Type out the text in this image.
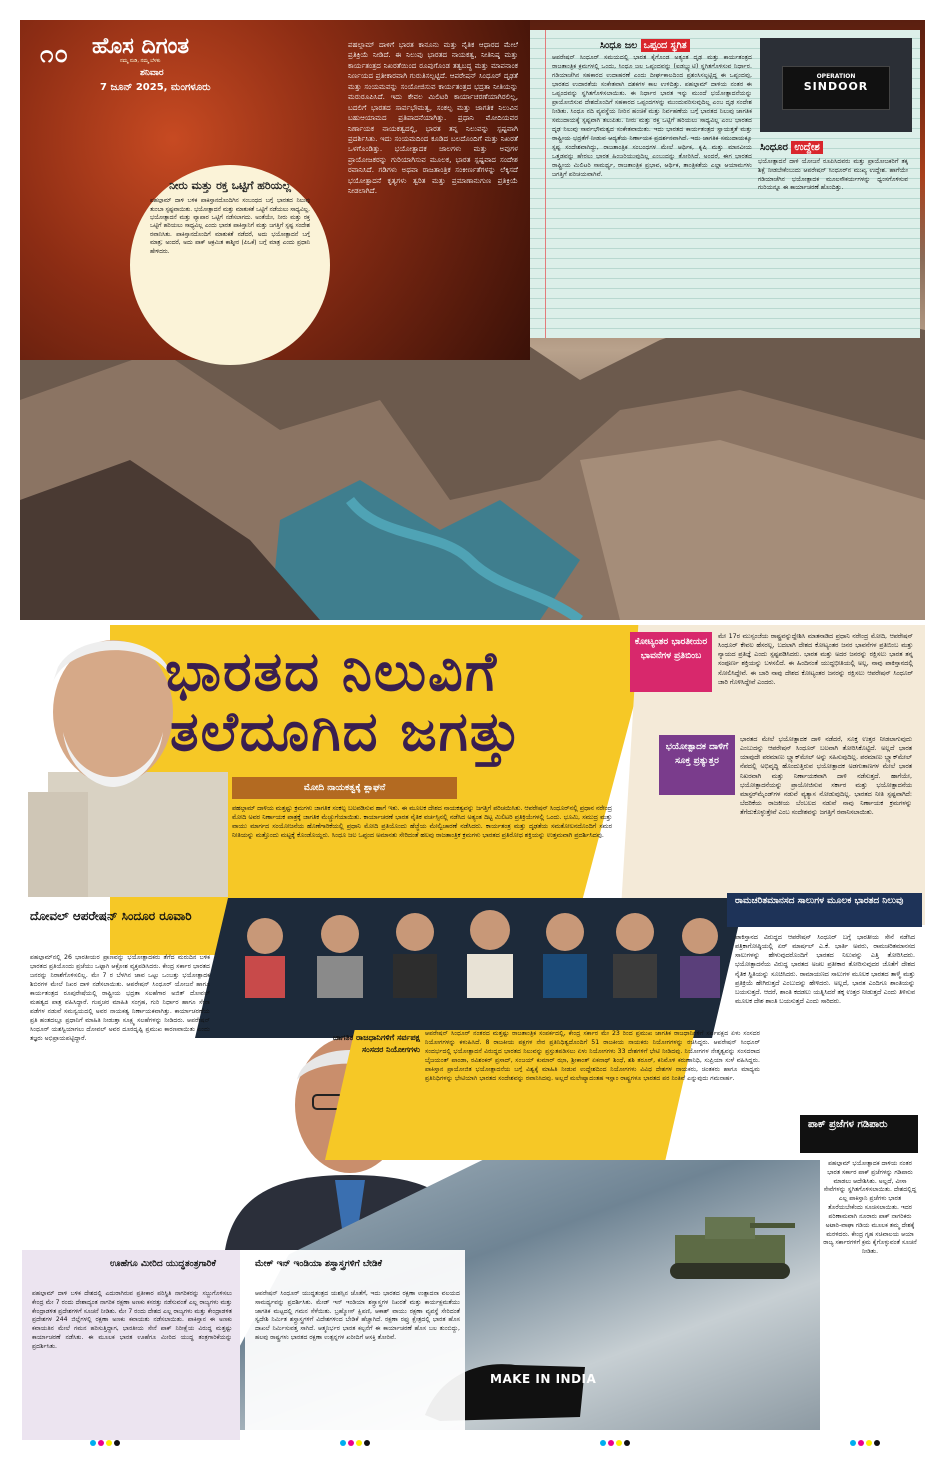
೧೦ ಹೊಸ ದಿಗಂತ
ನಮ್ಮ ನುಡಿ, ನಮ್ಮ ಬೆಳಕು
ಶನಿವಾರ
7 ಜೂನ್ 2025, ಮಂಗಳೂರು
ಪಹಲ್ಗಾಮ್ ದಾಳಿಗೆ ಭಾರತ ಕಾನೂನು ಮತ್ತು ನೈತಿಕ ಆಧಾರದ ಮೇಲೆ ಪ್ರತಿಕ್ರಿಯೆ ನೀಡಿದೆ. ಈ ನಿಲುವು ಭಾರತದ ನಾಯಕತ್ವ, ನೀತಿನಿಷ್ಠ ಮತ್ತು ಕಾರ್ಯತಂತ್ರದ ನಿಖರತೆಯಿಂದ ರೂಪುಗೊಂಡ ತತ್ವಬದ್ಧ ಮತ್ತು ಮಾಪನಾಂಕ ನಿರ್ಣಯದ ಪ್ರತೀಕಾರವಾಗಿ ಗುರುತಿಸಲ್ಪಟ್ಟಿದೆ. ಆಪರೇಷನ್ ಸಿಂಧೂರ್ ದೃಢತೆ ಮತ್ತು ಸಂಯಮವನ್ನು ಸಂಯೋಜಿಸುವ ಕಾರ್ಯತಂತ್ರದ ಭದ್ರತಾ ನೀತಿಯನ್ನು ಮರುರೂಪಿಸಿದೆ. ಇದು ಕೇವಲ ಮಿಲಿಟರಿ ಕಾರ್ಯಾಚರಣೆಯಾಗಿರಲಿಲ್ಲ, ಬದಲಿಗೆ ಭಾರತದ ಸಾರ್ವಭೌಮತ್ವ, ಸಂಕಲ್ಪ ಮತ್ತು ಜಾಗತಿಕ ನಿಲುವಿನ ಬಹುಆಯಾಮದ ಪ್ರತಿಪಾದನೆಯಾಗಿತ್ತು. ಪ್ರಧಾನಿ ಮೋದಿಯವರ ನಿರ್ಣಾಯಕ ನಾಯಕತ್ವದಲ್ಲಿ, ಭಾರತ ತನ್ನ ನಿಲುವನ್ನು ಸ್ಪಷ್ಟವಾಗಿ ಪ್ರದರ್ಶಿಸಿತು. ಇದು ಸಂಯಮದಿಂದ ಕೂಡಿದ ಬಲದೊಂದಿಗೆ ಮತ್ತು ನಿಖರತೆ ಒಳಗೊಂಡಿತ್ತು. ಭಯೋತ್ಪಾದಕ ಜಾಲಗಳು ಮತ್ತು ಅವುಗಳ ಪ್ರಾಯೋಜಕರನ್ನು ಗುರಿಯಾಗಿಸುವ ಮೂಲಕ, ಭಾರತ ಸ್ಪಷ್ಟವಾದ ಸಂದೇಶ ರವಾನಿಸಿದೆ. ಗಡಿಗಳು ಅಥವಾ ರಾಜತಾಂತ್ರಿಕ ಸಂಕೀರ್ಣತೆಗಳನ್ನು ಲೆಕ್ಕಿಸದೆ ಭಯೋತ್ಪಾದನೆ ಕೃತ್ಯಗಳು ತ್ವರಿತ ಮತ್ತು ಪ್ರಮಾಣಾನುಗುಣ ಪ್ರತಿಕ್ರಿಯೆ ನೀಡಲಾಗಿದೆ.
ನೀರು ಮತ್ತು ರಕ್ತ ಒಟ್ಟಿಗೆ ಹರಿಯಲ್ಲ
ಪಹಲ್ಗಾಮ್ ದಾಳಿ ಬಳಿಕ ಪಾಕಿಸ್ತಾನದೊಂದಿಗಿನ ಸಂಬಂಧದ ಬಗ್ಗೆ ಭಾರತದ ನಿಲುವು ತುಂಬಾ ಸ್ಪಷ್ಟವಾಯಿತು. ಭಯೋತ್ಪಾದನೆ ಮತ್ತು ಮಾತುಕತೆ ಒಟ್ಟಿಗೆ ನಡೆಯಲು ಸಾಧ್ಯವಿಲ್ಲ. ಭಯೋತ್ಪಾದನೆ ಮತ್ತು ವ್ಯಾಪಾರ ಒಟ್ಟಿಗೆ ನಡೆಸಲಾಗದು. ಅಂತೆಯೇ, ನೀರು ಮತ್ತು ರಕ್ತ ಒಟ್ಟಿಗೆ ಹರಿಯಲು ಸಾಧ್ಯವಿಲ್ಲ ಎಂದು ಭಾರತ ಪಾಕಿಸ್ತಾನಿಗೆ ಮತ್ತು ಜಗತ್ತಿಗೆ ಸ್ಪಷ್ಟ ಸಂದೇಶ ರವಾನಿಸಿತು. ಪಾಕಿಸ್ತಾನದೊಂದಿಗೆ ಮಾತುಕತೆ ನಡೆದರೆ, ಅದು ಭಯೋತ್ಪಾದನೆ ಬಗ್ಗೆ ಮಾತ್ರ; ಅಂದರೆ, ಅದು ಪಾಕ್ ಆಕ್ರಮಿತ ಕಾಶ್ಮೀರ (ಪಿಒಕೆ) ಬಗ್ಗೆ ಮಾತ್ರ ಎಂದು ಪ್ರಧಾನಿ ಹೇಳಿದರು.
ಸಿಂಧೂ ಜಲ ಒಪ್ಪಂದ ಸ್ಥಗಿತ
ಆಪರೇಷನ್ ಸಿಂಧೂರ್ ಸಮಯದಲ್ಲಿ ಭಾರತ ಕೈಗೊಂಡ ಅತ್ಯಂತ ದೃಢ ಮತ್ತು ಕಾರ್ಯತಂತ್ರದ ರಾಜತಾಂತ್ರಿಕ ಕ್ರಮಗಳಲ್ಲಿ ಒಂದು, ಸಿಂಧೂ ಜಲ ಒಪ್ಪಂದವನ್ನು (ಐಡಬ್ಲ್ಯುಟಿ) ಸ್ಥಗಿತಗೊಳಿಸುವ ನಿರ್ಧಾರ. ಗಡಿಯಾಚೆಗಿನ ಸಹಕಾರದ ಉದಾಹರಣೆ ಎಂದು ದೀರ್ಘಕಾಲದಿಂದ ಪ್ರಶಂಸಿಸಲ್ಪಟ್ಟಿದ್ದ ಈ ಒಪ್ಪಂದವು, ಭಾರತದ ಉದಾರತೆಯ ಸಂಕೇತವಾಗಿ ದಶಕಗಳ ಕಾಲ ಉಳಿದಿತ್ತು. ಪಹಲ್ಗಾಮ್ ದಾಳಿಯ ನಂತರ ಈ ಒಪ್ಪಂದವನ್ನು ಸ್ಥಗಿತಗೊಳಿಸಲಾಯಿತು. ಈ ನಿರ್ಧಾರ ಭಾರತ ಇನ್ನು ಮುಂದೆ ಭಯೋತ್ಪಾದನೆಯನ್ನು ಪ್ರಾಯೋಜಿಸುವ ದೇಶದೊಂದಿಗೆ ಸಹಕಾರದ ಒಪ್ಪಂದಗಳನ್ನು ಮುಂದುವರಿಸುವುದಿಲ್ಲ ಎಂಬ ದೃಢ ಸಂದೇಶ ನೀಡಿತು. ಸಿಂಧೂ ನದಿ ವ್ಯವಸ್ಥೆಯ ನೀರಿನ ಹಂಚಿಕೆ ಮತ್ತು ನಿರ್ವಹಣೆಯ ಬಗ್ಗೆ ಭಾರತದ ನಿಲುವು ಜಾಗತಿಕ ಸಮುದಾಯಕ್ಕೆ ಸ್ಪಷ್ಟವಾಗಿ ತಲುಪಿತು. ನೀರು ಮತ್ತು ರಕ್ತ ಒಟ್ಟಿಗೆ ಹರಿಯಲು ಸಾಧ್ಯವಿಲ್ಲ ಎಂಬ ಭಾರತದ ದೃಢ ನಿಲುವು ಸಾರ್ವಭೌಮತ್ವದ ಸಂಕೇತವಾಯಿತು. ಇದು ಭಾರತದ ಕಾರ್ಯತಂತ್ರದ ಸ್ವಾಯತ್ತತೆ ಮತ್ತು ರಾಷ್ಟ್ರೀಯ ಭದ್ರತೆಗೆ ನೀಡುವ ಆದ್ಯತೆಯ ನಿರ್ಣಾಯಕ ಪ್ರದರ್ಶನವಾಗಿದೆ. ಇದು ಜಾಗತಿಕ ಸಮುದಾಯಕ್ಕೂ ಸ್ಪಷ್ಟ ಸಂದೇಶವಾಗಿದ್ದು, ರಾಜತಾಂತ್ರಿಕ ಸಂಬಂಧಗಳ ಮೇಲೆ ಆರ್ಥಿಕ, ಕೃಷಿ ಮತ್ತು ಮಾನವೀಯ ಒತ್ತಡವನ್ನು ಹೇರಲು ಭಾರತ ಹಿಂಜರಿಯುವುದಿಲ್ಲ ಎಂಬುದನ್ನು ತೋರಿಸಿದೆ. ಅಂದರೆ, ಈಗ ಭಾರತದ ರಾಷ್ಟ್ರೀಯ ಮಿಲಿಟರಿ ಸಾಮರ್ಥ್ಯ, ರಾಜತಾಂತ್ರಿಕ ಪ್ರಭಾವ, ಆರ್ಥಿಕ, ತಾಂತ್ರಿಕತೆಯ ಎಲ್ಲಾ ಆಯಾಮಗಳು ಜಗತ್ತಿಗೆ ಪರಿಚಯವಾಗಿವೆ.
OPERATION
SINDOOR
ಸಿಂಧೂರ ಉದ್ದೇಶ
ಭಯೋತ್ಪಾದನೆ ದಾಳಿ ಯೋಜನೆ ರೂಪಿಸಿದವರು ಮತ್ತು ಪ್ರಾಯೋಜಕರಿಗೆ ತಕ್ಕ ಶಿಕ್ಷೆ ನೀಡಬೇಕೆಂಬುದು ಆಪರೇಷನ್ ಸಿಂಧೂರ್‌ನ ಮುಖ್ಯ ಉದ್ದೇಶ. ಹಾಗೆಯೇ ಗಡಿಯಾಚೆಗಿನ ಭಯೋತ್ಪಾದಕ ಮೂಲಸೌಕರ್ಯಗಳನ್ನು ಧ್ವಂಸಗೊಳಿಸುವ ಗುರಿಯನ್ನೂ ಈ ಕಾರ್ಯಾಚರಣೆ ಹೊಂದಿತ್ತು.
ಭಾರತದ ನಿಲುವಿಗೆ
ತಲೆದೂಗಿದ ಜಗತ್ತು
ಮೋದಿ ನಾಯಕತ್ವಕ್ಕೆ ಶ್ಲಾಘನೆ
ಪಹಲ್ಗಾಮ್ ದಾಳಿಯ ಮತ್ತಷ್ಟು ಕ್ರಮಗಳು ಜಾಗತಿಕ ಸಂಕಲ್ಪ ಬಲಪಡಿಸುವ ಹಾಗೆ ಇತು. ಈ ಮೂಲಕ ದೇಶದ ನಾಯಕತ್ವವನ್ನು ಜಗತ್ತಿಗೆ ಪರಿಚಯಿಸಿತು. ಆಪರೇಷನ್ ಸಿಂಧೂರ್‌ನಲ್ಲಿ ಪ್ರಧಾನ ನರೇಂದ್ರ ಮೋದಿ ಅವರ ನಿರ್ಣಾಯಕ ಪಾತ್ರಕ್ಕೆ ಜಾಗತಿಕ ಮೆಚ್ಚುಗೆಯಾಯಿತು. ಕಾರ್ಯಾಚರಣೆ ಭಾರತ ನೈತಿಕ ವರ್ಚಸ್ಸಿನಲ್ಲಿ ನಡೆಸಿದ ಅತ್ಯಂತ ದಿಟ್ಟ ಮಿಲಿಟರಿ ಪ್ರತಿಕ್ರಿಯೆಗಳಲ್ಲಿ ಒಂದು. ಭೂಮಿ, ಸಮುದ್ರ ಮತ್ತು ವಾಯು ಮಾರ್ಗದ ಸಂಯೋಜನೆಯ ಹೊಣೆಗಾರಿಕೆಯಲ್ಲಿ ಪ್ರಧಾನಿ ಮೋದಿ ಪ್ರತಿಯೊಂದು ಹೆಜ್ಜೆಯ ಮೇಲ್ವಿಚಾರಣೆ ನಡೆಸಿದರು. ಕಾರ್ಯತಂತ್ರ ಮತ್ತು ದೃಢತೆಯ ಸಮತೋಲನದೊಂದಿಗೆ ಸಮರ ನೀತಿಯನ್ನು ಮತ್ತೊಂದು ಮಟ್ಟಕ್ಕೆ ಕೊಂಡೊಯ್ದರು. ಸಿಂಧೂ ಜಲ ಒಪ್ಪಂದ ಅಮಾನತು ಸೇರಿದಂತೆ ಹಲವು ರಾಜತಾಂತ್ರಿಕ ಕ್ರಮಗಳು ಭಾರತದ ಪ್ರತಿರೋಧ ಶಕ್ತಿಯನ್ನು ಉತ್ತಮವಾಗಿ ಪ್ರದರ್ಶಿಸಿದವು.
ಕೋಟ್ಯಂತರ ಭಾರತೀಯರ ಭಾವನೆಗಳ ಪ್ರತಿಬಿಂಬ
ಮೇ 17ರ ಮುಸ್ಸಂಜೆಯ ರಾಷ್ಟ್ರವನ್ನುದ್ದೇಶಿಸಿ ಮಾತನಾಡಿದ ಪ್ರಧಾನಿ ನರೇಂದ್ರ ಮೋದಿ, ಆಪರೇಷನ್ ಸಿಂಧೂರ್ ಕೇವಲ ಹೆಸರಲ್ಲ, ಬದಲಾಗಿ ದೇಶದ ಕೋಟ್ಯಂತರ ಜನರ ಭಾವನೆಗಳ ಪ್ರತಿಬಿಂಬ ಮತ್ತು ನ್ಯಾಯದ ಪ್ರತಿಜ್ಞೆ ಎಂದು ಸ್ಪಷ್ಟಪಡಿಸಿದರು. ಭಾರತ ಮತ್ತು ಅದರ ಜನರನ್ನು ರಕ್ಷಿಸಲು ಭಾರತ ತನ್ನ ಸಂಪೂರ್ಣ ಶಕ್ತಿಯನ್ನು ಬಳಸಲಿದೆ. ಈ ಹಿಂದಿನಂತೆ ಯುದ್ಧಭೀತಿಯಲ್ಲಿ ಅಲ್ಲ, ನಾವು ಪಾಕಿಸ್ತಾನದಲ್ಲಿ ಸೋಲಿಸಿದ್ದೇವೆ. ಈ ಬಾರಿ ನಾವು ದೇಶದ ಕೋಟ್ಯಂತರ ಜನರನ್ನು ರಕ್ಷಿಸಲು ಆಪರೇಷನ್ ಸಿಂಧೂರ್ ಜಾರಿ ಗೊಳಿಸಿದ್ದೇವೆ ಎಂದರು.
ಭಯೋತ್ಪಾದಕ ದಾಳಿಗೆ ಸೂಕ್ತ ಪ್ರತ್ಯುತ್ತರ
ಭಾರತದ ಮೇಲೆ ಭಯೋತ್ಪಾದಕ ದಾಳಿ ನಡೆದರೆ, ಸೂಕ್ತ ಉತ್ತರ ನೀಡಲಾಗುವುದು ಎಂಬುದನ್ನು ಆಪರೇಷನ್ ಸಿಂಧೂರ್ ಬಲವಾಗಿ ತೋರಿಸಿಕೊಟ್ಟಿದೆ. ಅಲ್ಲದೆ ಭಾರತ ಯಾವುದೇ ಪರಮಾಣು ಬ್ಲ್ಯಾಕ್‌ಮೇಲ್ ಅನ್ನು ಸಹಿಸುವುದಿಲ್ಲ. ಪರಮಾಣು ಬ್ಲ್ಯಾಕ್‌ಮೇಲ್ ನೆಪದಲ್ಲಿ ಅಭಿವೃದ್ಧಿ ಹೊಂದುತ್ತಿರುವ ಭಯೋತ್ಪಾದಕ ಅಡಗುತಾಣಗಳ ಮೇಲೆ ಭಾರತ ನಿಖರವಾಗಿ ಮತ್ತು ನಿರ್ಣಾಯಕವಾಗಿ ದಾಳಿ ನಡೆಸುತ್ತದೆ. ಹಾಗೆಯೇ, ಭಯೋತ್ಪಾದನೆಯನ್ನು ಪ್ರಾಯೋಜಿಸುವ ಸರ್ಕಾರ ಮತ್ತು ಭಯೋತ್ಪಾದನೆಯ ಮಾಸ್ಟರ್‌ಮೈಂಡ್‌ಗಳ ನಡುವೆ ವ್ಯತ್ಯಾಸ ನೋಡುವುದಿಲ್ಲ. ಭಾರತದ ನೀತಿ ಸ್ಪಷ್ಟವಾಗಿದೆ: ಬೆದರಿಕೆಯ ರಾಜಕೀಯ ಬೆಂಬಲದ ನಡುವೆ ನಾವು ನಿರ್ಣಾಯಕ ಕ್ರಮಗಳನ್ನು ತೆಗೆದುಕೊಳ್ಳುತ್ತೇವೆ ಎಂಬ ಸಂದೇಶವನ್ನು ಜಗತ್ತಿಗೆ ರವಾನಿಸಲಾಯಿತು.
ರಾಮಚರಿತಮಾನಸದ ಸಾಲುಗಳ ಮೂಲಕ ಭಾರತದ ನಿಲುವು
ಪಾಕಿಸ್ತಾನದ ವಿರುದ್ಧದ ಆಪರೇಷನ್ ಸಿಂಧೂರ್ ಬಗ್ಗೆ ಭಾರತೀಯ ಸೇನೆ ನಡೆಸಿದ ಪತ್ರಿಕಾಗೋಷ್ಠಿಯಲ್ಲಿ ಏರ್ ಮಾರ್ಷಲ್ ಎ.ಕೆ. ಭಾರ್ತಿ ಅವರು, ರಾಮಚರಿತಮಾನಸದ ಸಾಲುಗಳನ್ನು ಹೇಳುವುದರೊಂದಿಗೆ ಭಾರತದ ನಿಲುವನ್ನು ಎತ್ತಿ ತೋರಿಸಿದರು. ಭಯೋತ್ಪಾದನೆಯ ವಿರುದ್ಧ ಭಾರತದ ಅಚಲ ಪ್ರತೀಕಾರ ತೋರಿಸುವುದರ ಜೊತೆಗೆ ದೇಶದ ನೈತಿಕ ಸ್ಥಿತಿಯನ್ನು ಸೂಚಿಸಿದರು. ರಾಮಾಯಣದ ಸಾಲುಗಳ ಮೂಲಕ ಭಾರತದ ತಾಳ್ಮೆ ಮತ್ತು ಪ್ರತಿಕ್ರಿಯೆ ಹೇಗಿರುತ್ತದೆ ಎಂಬುದನ್ನು ಹೇಳಿದರು. ಅಲ್ಲದೆ, ಭಾರತ ಎಂದಿಗೂ ಶಾಂತಿಯನ್ನು ಬಯಸುತ್ತದೆ. ಆದರೆ, ಶಾಂತಿ ಕದಡಲು ಯತ್ನಿಸಿದರೆ ತಕ್ಕ ಉತ್ತರ ನೀಡುತ್ತದೆ ಎಂದು ತಿಳಿಸುವ ಮೂಲಕ ದೇಶ ಶಾಂತಿ ಬಯಸುತ್ತದೆ ಎಂದು ಸಾರಿದರು.
ದೋವಲ್ ಆಪರೇಷನ್ ಸಿಂದೂರ ರೂವಾರಿ
ಪಹಲ್ಗಾಮ್‌ನಲ್ಲಿ 26 ಭಾರತೀಯರ ಪ್ರಾಣವನ್ನು ಭಯೋತ್ಪಾದಕರು ತೆಗೆದ ಮರುದಿನ ಬಳಿಕ ಭಾರತದ ಪ್ರತಿಯೊಂದು ಪ್ರಜೆಯು ಒಟ್ಟಾಗಿ ಆಕ್ರೋಶ ವ್ಯಕ್ತಪಡಿಸಿದರು. ಕೇಂದ್ರ ಸರ್ಕಾರ ಭಾರತದ ಜನರನ್ನು ನಿರಾಶೆಗೊಳಿಸಲಿಲ್ಲ. ಮೇ 7 ರ ಬೆಳಗಿನ ಜಾವ ಒಟ್ಟು ಒಂಬತ್ತು ಭಯೋತ್ಪಾದಕ ಶಿಬಿರಗಳ ಮೇಲೆ ನಿಖರ ದಾಳಿ ನಡೆಸಲಾಯಿತು. ಆಪರೇಷನ್ ಸಿಂಧೂರ್ ಯೋಜನೆ ಹಾಗೂ ಕಾರ್ಯತಂತ್ರದ ರೂಪುರೇಷೆಯಲ್ಲಿ ರಾಷ್ಟ್ರೀಯ ಭದ್ರತಾ ಸಲಹೆಗಾರ ಅಜಿತ್ ದೋವಲ್ ಮಹತ್ವದ ಪಾತ್ರ ವಹಿಸಿದ್ದಾರೆ. ಗುಪ್ತಚರ ಮಾಹಿತಿ ಸಂಗ್ರಹ, ಗುರಿ ನಿರ್ಧಾರ ಹಾಗೂ ಸೇನಾ ಪಡೆಗಳ ನಡುವೆ ಸಮನ್ವಯದಲ್ಲಿ ಅವರ ನಾಯಕತ್ವ ನಿರ್ಣಾಯಕವಾಗಿತ್ತು. ಕಾರ್ಯಾಚರಣೆಯ ಪ್ರತಿ ಹಂತದಲ್ಲೂ ಪ್ರಧಾನಿಗೆ ಮಾಹಿತಿ ನೀಡುತ್ತಾ ಸೂಕ್ಷ್ಮ ಸಲಹೆಗಳನ್ನು ನೀಡಿದರು. ಆಪರೇಷನ್ ಸಿಂಧೂರ್ ಯಶಸ್ವಿಯಾಗಲು ದೋವಲ್ ಅವರ ದೂರದೃಷ್ಟಿ ಪ್ರಮುಖ ಕಾರಣವಾಯಿತು ಎಂದು ತಜ್ಞರು ಅಭಿಪ್ರಾಯಪಟ್ಟಿದ್ದಾರೆ.	ಜಾಗತಿಕ ರಾಜಧಾನಿಗಳಿಗೆ ಸರ್ವಪಕ್ಷ ಸಂಸದರ ನಿಯೋಗಗಳು
ಆಪರೇಷನ್ ಸಿಂಧೂರ್ ನಂತರದ ಮತ್ತಷ್ಟು ರಾಜತಾಂತ್ರಿಕ ಸಂಪರ್ಕದಲ್ಲಿ, ಕೇಂದ್ರ ಸರ್ಕಾರ ಮೇ 23 ರಿಂದ ಪ್ರಮುಖ ಜಾಗತಿಕ ರಾಜಧಾನಿಗಳಿಗೆ ಸರ್ವಪಕ್ಷದ ಏಳು ಸಂಸದರ ನಿಯೋಗಗಳನ್ನು ಕಳುಹಿಸಿದೆ. 8 ರಾಜಕೀಯ ಪಕ್ಷಗಳ ನೇರ ಪ್ರತಿನಿಧಿತ್ವದೊಂದಿಗೆ 51 ರಾಜಕೀಯ ನಾಯಕರು ನಿಯೋಗಗಳನ್ನು ರಚಿಸಿದ್ದರು. ಆಪರೇಷನ್ ಸಿಂಧೂರ್ ಸಂದರ್ಭದಲ್ಲಿ ಭಯೋತ್ಪಾದನೆ ವಿರುದ್ಧದ ಭಾರತದ ನಿಲುವನ್ನು ಪ್ರಸ್ತುತಪಡಿಸಲು ಏಳು ನಿಯೋಗಗಳು 33 ದೇಶಗಳಿಗೆ ಭೇಟಿ ನೀಡಿದವು. ನಿಯೋಗಗಳ ನೇತೃತ್ವವನ್ನು ಸಂಸದರಾದ ಬೈಜಯಂತ್ ಪಾಂಡಾ, ರವಿಶಂಕರ್ ಪ್ರಸಾದ್, ಸಂಜಯ್ ಕುಮಾರ್ ಝಾ, ಶ್ರೀಕಾಂತ್ ಏಕನಾಥ್ ಶಿಂಧೆ, ಶಶಿ ತರೂರ್, ಕನಿಮೊಳಿ ಕರುಣಾನಿಧಿ, ಸುಪ್ರಿಯಾ ಸುಳೆ ವಹಿಸಿದ್ದರು. ಪಾಕಿಸ್ತಾನ ಪ್ರಾಯೋಜಿತ ಭಯೋತ್ಪಾದನೆಯ ಬಗ್ಗೆ ವಿಶ್ವಕ್ಕೆ ಮಾಹಿತಿ ನೀಡುವ ಉದ್ದೇಶದಿಂದ ನಿಯೋಗಗಳು ವಿವಿಧ ದೇಶಗಳ ನಾಯಕರು, ಚಿಂತಕರು ಹಾಗೂ ಮಾಧ್ಯಮ ಪ್ರತಿನಿಧಿಗಳನ್ನು ಭೇಟಿಯಾಗಿ ಭಾರತದ ಸಂದೇಶವನ್ನು ರವಾನಿಸಿದವು. ಅಲ್ಲದೆ ಮಲೇಷ್ಯಾದಂತಹ ಇಸ್ಲಾಂ ರಾಷ್ಟ್ರಗಳೂ ಭಾರತದ ಪರ ನಿಂತಿವೆ ಎನ್ನುವುದು ಗಮನಾರ್ಹ.
ಪಾಕ್ ಪ್ರಜೆಗಳ ಗಡಿಪಾರು
ಪಹಲ್ಗಾಮ್ ಭಯೋತ್ಪಾದಕ ದಾಳಿಯ ನಂತರ ಭಾರತ ಸರ್ಕಾರ ಪಾಕ್ ಪ್ರಜೆಗಳನ್ನು ಗಡಿಪಾರು ಮಾಡಲು ಆದೇಶಿಸಿತು. ಅಲ್ಲದೆ, ವೀಸಾ ಸೇವೆಗಳನ್ನು ಸ್ಥಗಿತಗೊಳಿಸಲಾಯಿತು. ದೇಶದಲ್ಲಿದ್ದ ಎಲ್ಲ ಪಾಕಿಸ್ತಾನಿ ಪ್ರಜೆಗಳು ಭಾರತ ತೊರೆಯಬೇಕೆಂದು ಸೂಚಿಸಲಾಯಿತು. ಇದರ ಪರಿಣಾಮವಾಗಿ ನೂರಾರು ಪಾಕ್ ನಾಗರಿಕರು ಅಟಾರಿ-ವಾಘಾ ಗಡಿಯ ಮೂಲಕ ತಮ್ಮ ದೇಶಕ್ಕೆ ಮರಳಿದರು. ಕೇಂದ್ರ ಗೃಹ ಸಚಿವಾಲಯ ಆಯಾ ರಾಜ್ಯ ಸರ್ಕಾರಗಳಿಗೆ ಕ್ರಮ ಕೈಗೊಳ್ಳುವಂತೆ ಸೂಚನೆ ನೀಡಿತು.
MAKE IN INDIA
ಊಹೆಗೂ ಮೀರಿದ ಯುದ್ಧತಂತ್ರಗಾರಿಕೆ
ಪಹಲ್ಗಾಮ್ ದಾಳಿ ಬಳಿಕ ದೇಶದಲ್ಲಿ ಎದುರಾಗಿರುವ ಪ್ರತೀಕಾರ ಪರಿಸ್ಥಿತಿ ನಾಗರಿಕರನ್ನು ಸಜ್ಜುಗೊಳಿಸಲು ಕೇಂದ್ರ ಮೇ 7 ರಂದು ದೇಶಾದ್ಯಂತ ನಾಗರಿಕ ರಕ್ಷಣಾ ಅಣಕು ಕಸರತ್ತು ನಡೆಸುವಂತೆ ಎಲ್ಲ ರಾಜ್ಯಗಳು ಮತ್ತು ಕೇಂದ್ರಾಡಳಿತ ಪ್ರದೇಶಗಳಿಗೆ ಸೂಚನೆ ನೀಡಿತು. ಮೇ 7 ರಂದು ದೇಶದ ಎಲ್ಲ ರಾಜ್ಯಗಳು ಮತ್ತು ಕೇಂದ್ರಾಡಳಿತ ಪ್ರದೇಶಗಳ 244 ಜಿಲ್ಲೆಗಳಲ್ಲಿ ರಕ್ಷಣಾ ಅಣಕು ಕವಾಯತು ನಡೆಸಲಾಯಿತು. ಪಾಕಿಸ್ತಾನ ಈ ಅಣಕು ಕವಾಯತಿನ ಮೇಲೆ ಗಮನ ಹರಿಸುತ್ತಿದ್ದಾಗ, ಭಾರತೀಯ ಸೇನೆ ಪಾಕ್ ನಿರೀಕ್ಷೆಯ ವಿರುದ್ಧ ಮತ್ತಷ್ಟು ಕಾರ್ಯಾಚರಣೆ ನಡೆಸಿತು. ಈ ಮೂಲಕ ಭಾರತ ಊಹೆಗೂ ಮೀರಿದ ಯುದ್ಧ ತಂತ್ರಗಾರಿಕೆಯನ್ನು ಪ್ರದರ್ಶಿಸಿತು.
ಮೇಕ್ ಇನ್ ಇಂಡಿಯಾ ಶಸ್ತ್ರಾಸ್ತ್ರಗಳಿಗೆ ಬೇಡಿಕೆ
ಆಪರೇಷನ್ ಸಿಂಧೂರ್ ಯುದ್ಧತಂತ್ರದ ಯಶಸ್ಸಿನ ಜೊತೆಗೆ, ಇದು ಭಾರತದ ರಕ್ಷಣಾ ಉತ್ಪಾದನಾ ವಲಯದ ಸಾಮರ್ಥ್ಯವನ್ನು ಪ್ರದರ್ಶಿಸಿತು. ಮೇಡ್ ಇನ್ ಇಂಡಿಯಾ ಶಸ್ತ್ರಾಸ್ತ್ರಗಳ ನಿಖರತೆ ಮತ್ತು ಕಾರ್ಯಕ್ಷಮತೆಯು ಜಾಗತಿಕ ಮಟ್ಟದಲ್ಲಿ ಗಮನ ಸೆಳೆಯಿತು. ಬ್ರಹ್ಮೋಸ್ ಕ್ಷಿಪಣಿ, ಆಕಾಶ್ ವಾಯು ರಕ್ಷಣಾ ವ್ಯವಸ್ಥೆ ಸೇರಿದಂತೆ ಸ್ವದೇಶಿ ನಿರ್ಮಿತ ಶಸ್ತ್ರಾಸ್ತ್ರಗಳಿಗೆ ವಿದೇಶಗಳಿಂದ ಬೇಡಿಕೆ ಹೆಚ್ಚಾಗಿದೆ. ರಕ್ಷಣಾ ರಫ್ತು ಕ್ಷೇತ್ರದಲ್ಲಿ ಭಾರತ ಹೊಸ ದಾಖಲೆ ನಿರ್ಮಿಸುವತ್ತ ಸಾಗಿದೆ. ಆತ್ಮನಿರ್ಭರ ಭಾರತ ಕಲ್ಪನೆಗೆ ಈ ಕಾರ್ಯಾಚರಣೆ ಹೊಸ ಬಲ ತುಂಬಿದ್ದು, ಹಲವು ರಾಷ್ಟ್ರಗಳು ಭಾರತದ ರಕ್ಷಣಾ ಉತ್ಪನ್ನಗಳ ಖರೀದಿಗೆ ಆಸಕ್ತಿ ತೋರಿವೆ.
